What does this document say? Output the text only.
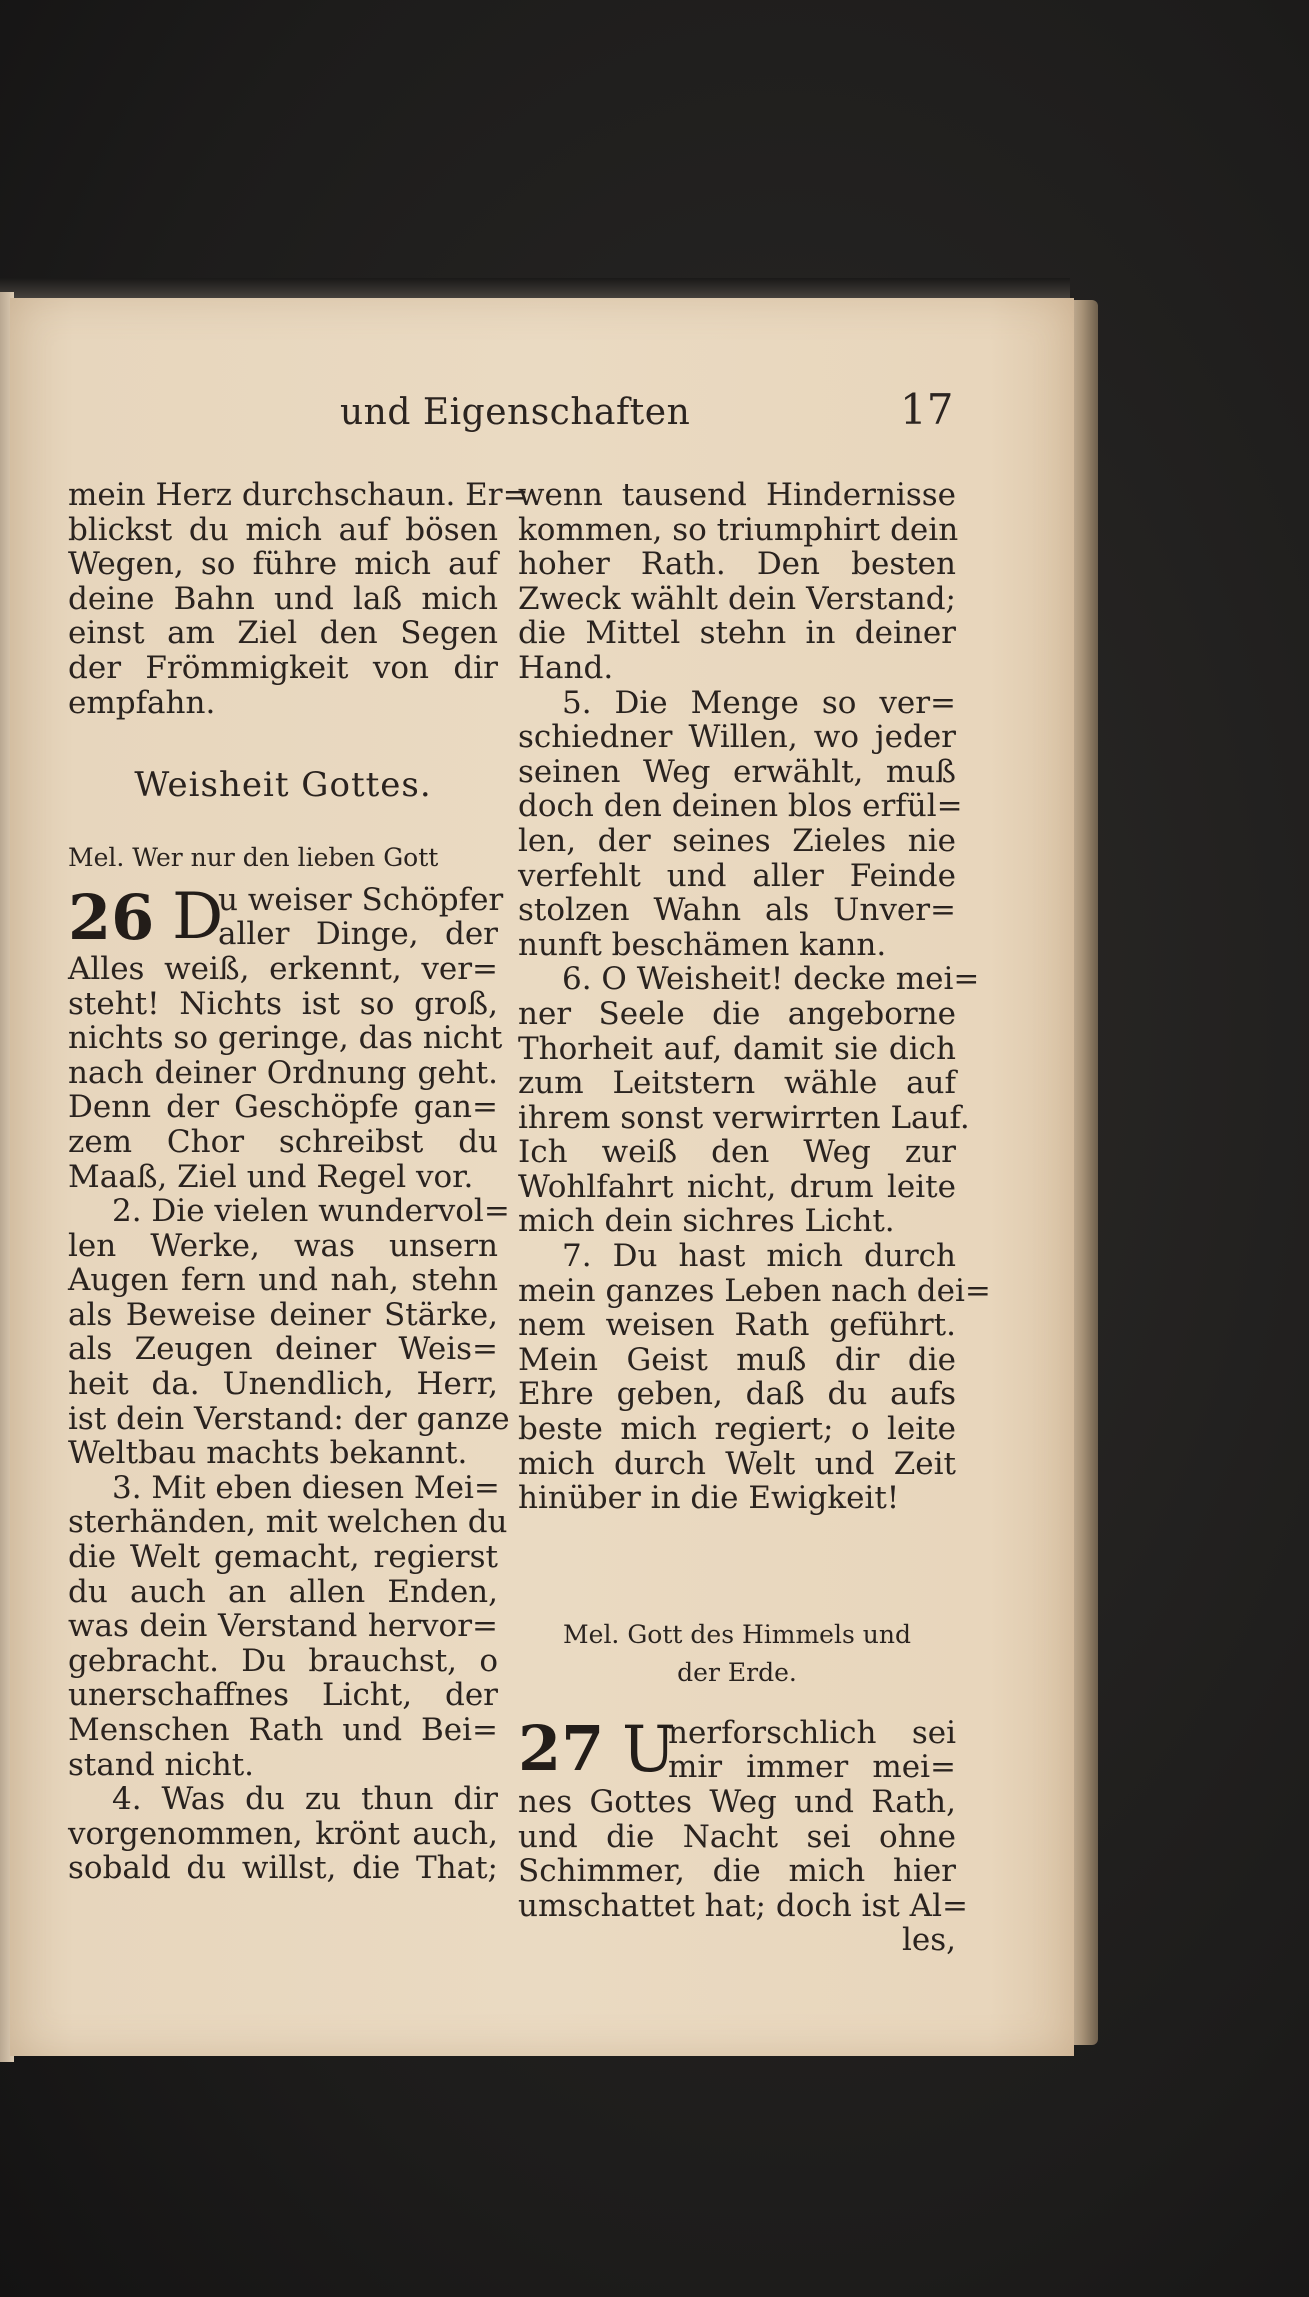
und Eigenschaften	17
mein Herz durchschaun. Er=
blickst du mich auf bösen
Wegen, so führe mich auf
deine Bahn und laß mich
einst am Ziel den Segen
der Frömmigkeit von dir
empfahn.
Weisheit Gottes.
Mel. Wer nur den lieben Gott
26 D
u weiser Schöpfer
aller Dinge, der
Alles weiß, erkennt, ver=
steht! Nichts ist so groß,
nichts so geringe, das nicht
nach deiner Ordnung geht.
Denn der Geschöpfe gan=
zem Chor schreibst du
Maaß, Ziel und Regel vor.
2. Die vielen wundervol=
len Werke, was unsern
Augen fern und nah, stehn
als Beweise deiner Stärke,
als Zeugen deiner Weis=
heit da. Unendlich, Herr,
ist dein Verstand: der ganze
Weltbau machts bekannt.
3. Mit eben diesen Mei=
sterhänden, mit welchen du
die Welt gemacht, regierst
du auch an allen Enden,
was dein Verstand hervor=
gebracht. Du brauchst, o
unerschaffnes Licht, der
Menschen Rath und Bei=
stand nicht.
4. Was du zu thun dir
vorgenommen, krönt auch,
sobald du willst, die That;
wenn tausend Hindernisse
kommen, so triumphirt dein
hoher Rath. Den besten
Zweck wählt dein Verstand;
die Mittel stehn in deiner
Hand.
5. Die Menge so ver=
schiedner Willen, wo jeder
seinen Weg erwählt, muß
doch den deinen blos erfül=
len, der seines Zieles nie
verfehlt und aller Feinde
stolzen Wahn als Unver=
nunft beschämen kann.
6. O Weisheit! decke mei=
ner Seele die angeborne
Thorheit auf, damit sie dich
zum Leitstern wähle auf
ihrem sonst verwirrten Lauf.
Ich weiß den Weg zur
Wohlfahrt nicht, drum leite
mich dein sichres Licht.
7. Du hast mich durch
mein ganzes Leben nach dei=
nem weisen Rath geführt.
Mein Geist muß dir die
Ehre geben, daß du aufs
beste mich regiert; o leite
mich durch Welt und Zeit
hinüber in die Ewigkeit!
Mel. Gott des Himmels und
der Erde.
27 U
nerforschlich sei
mir immer mei=
nes Gottes Weg und Rath,
und die Nacht sei ohne
Schimmer, die mich hier
umschattet hat; doch ist Al=
les,
